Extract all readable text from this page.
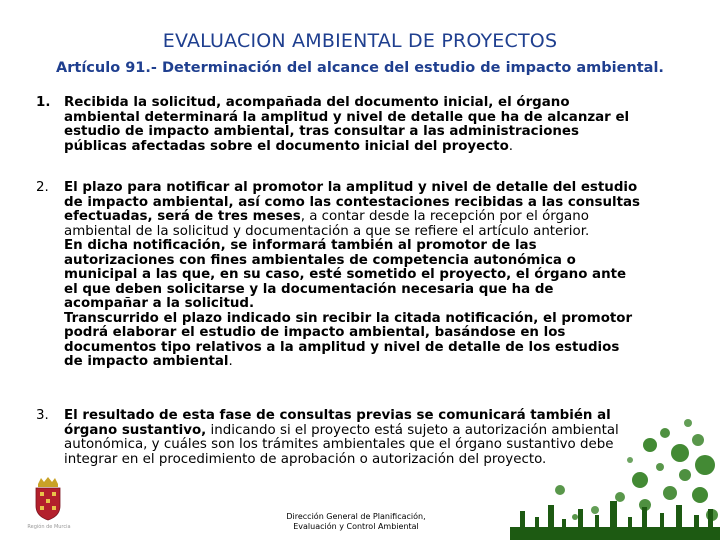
EVALUACION AMBIENTAL DE PROYECTOS
Artículo 91.- Determinación del alcance del estudio de impacto ambiental.
1. Recibida la solicitud, acompañada del documento inicial, el órgano
ambiental determinará la amplitud y nivel de detalle que ha de alcanzar el
estudio de impacto ambiental, tras consultar a las administraciones
públicas afectadas sobre el documento inicial del proyecto.
2. El plazo para notificar al promotor la amplitud y nivel de detalle del estudio
de impacto ambiental, así como las contestaciones recibidas a las consultas
efectuadas, será de tres meses, a contar desde la recepción por el órgano
ambiental de la solicitud y documentación a que se refiere el artículo anterior.
En dicha notificación, se informará también al promotor de las
autorizaciones con fines ambientales de competencia autonómica o
municipal a las que, en su caso, esté sometido el proyecto, el órgano ante
el que deben solicitarse y la documentación necesaria que ha de
acompañar a la solicitud.
Transcurrido el plazo indicado sin recibir la citada notificación, el promotor
podrá elaborar el estudio de impacto ambiental, basándose en los
documentos tipo relativos a la amplitud y nivel de detalle de los estudios
de impacto ambiental.
3. El resultado de esta fase de consultas previas se comunicará también al
órgano sustantivo, indicando si el proyecto está sujeto a autorización ambiental
autonómica, y cuáles son los trámites ambientales que el órgano sustantivo debe
integrar en el procedimiento de aprobación o autorización del proyecto.
Región de Murcia
Dirección General de Planificación,
Evaluación y Control Ambiental
